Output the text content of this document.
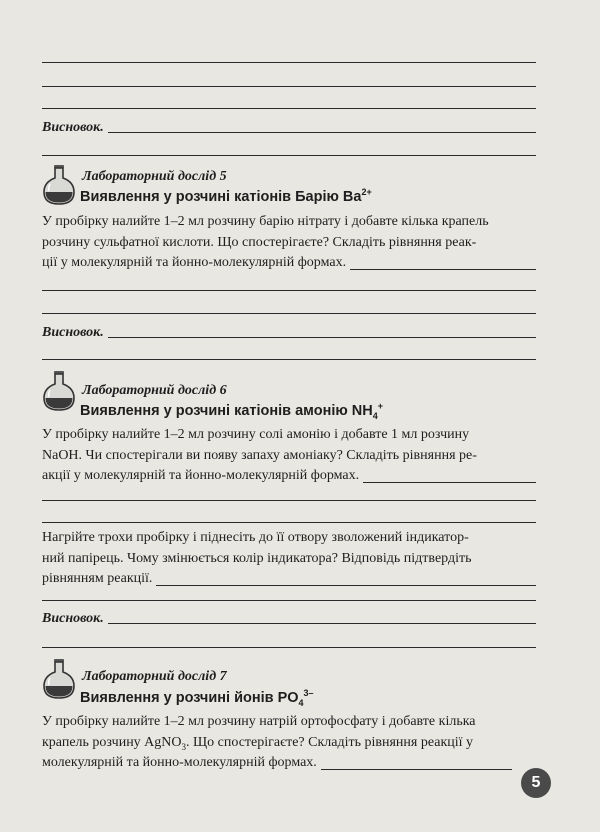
Висновок.
Лабораторний дослід 5
Виявлення у розчині катіонів Барію $Ba^{2+}$
У пробірку налийте 1–2 мл розчину барію нітрату і добавте кілька крапель
розчину сульфатної кислоти. Що спостерігаєте? Складіть рівняння реак-
ції у молекулярній та йонно-молекулярній формах.
Висновок.
Лабораторний дослід 6
Виявлення у розчині катіонів амонію $NH_4^+$
У пробірку налийте 1–2 мл розчину солі амонію і добавте 1 мл розчину
NaOH. Чи спостерігали ви появу запаху амоніаку? Складіть рівняння ре-
акції у молекулярній та йонно-молекулярній формах.
Нагрійте трохи пробірку і піднесіть до її отвору зволожений індикатор-
ний папірець. Чому змінюється колір індикатора? Відповідь підтвердіть
рівнянням реакції.
Висновок.
Лабораторний дослід 7
Виявлення у розчині йонів $PO_4^{3-}$
У пробірку налийте 1–2 мл розчину натрій ортофосфату і добавте кілька
крапель розчину AgNO$_3$. Що спостерігаєте? Складіть рівняння реакції у
молекулярній та йонно-молекулярній формах.
5
